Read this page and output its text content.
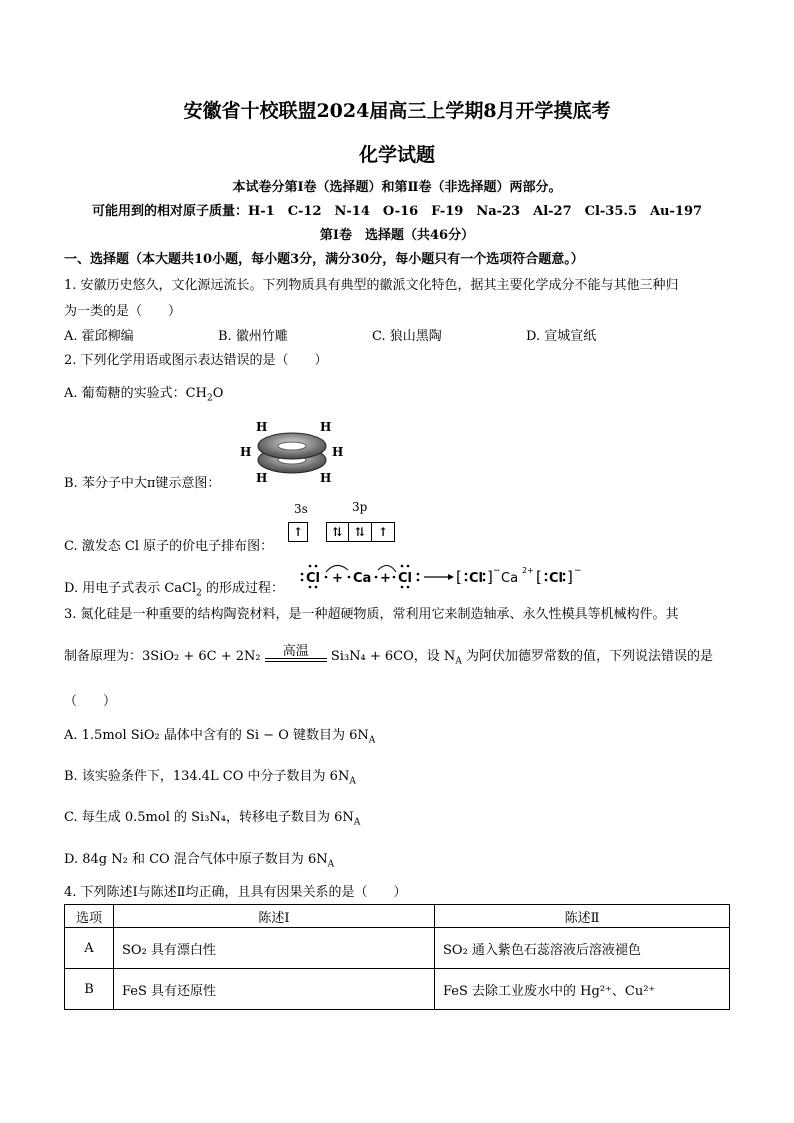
安徽省十校联盟2024届高三上学期8月开学摸底考
化学试题
本试卷分第Ⅰ卷（选择题）和第Ⅱ卷（非选择题）两部分。
可能用到的相对原子质量：H-1　C-12　N-14　O-16　F-19　Na-23　Al-27　Cl-35.5　Au-197
第Ⅰ卷　选择题（共46分）
一、选择题（本大题共10小题，每小题3分，满分30分，每小题只有一个选项符合题意。）
1. 安徽历史悠久，文化源远流长。下列物质具有典型的徽派文化特色，据其主要化学成分不能与其他三种归
为一类的是（　　）
A. 霍邱柳编	B. 徽州竹雕	C. 狼山黑陶	D. 宣城宣纸
2. 下列化学用语或图示表达错误的是（　　）
A. 葡萄糖的实验式：$CH_2O$
H	H
H	H
H	H
B. 苯分子中大π键示意图：
3s	3p
↑	⇅	⇅	↑
C. 激发态 Cl 原子的价电子排布图：
D. 用电子式表示 CaCl$_2$ 的形成过程：
Cl + Ca + Cl	[ Cl ] − Ca
2+ [ Cl ] −
3. 氮化硅是一种重要的结构陶瓷材料，是一种超硬物质，常利用它来制造轴承、永久性模具等机械构件。其
制备原理为：3SiO₂ + 6C + 2N₂	高温	Si₃N₄ + 6CO，设 $N_A$ 为阿伏加德罗常数的值，下列说法错误的是
（　　）
A. 1.5mol SiO₂ 晶体中含有的 Si − O 键数目为 $6N_A$
B. 该实验条件下，134.4L CO 中分子数目为 $6N_A$
C. 每生成 0.5mol 的 Si₃N₄，转移电子数目为 $6N_A$
D. 84g N₂ 和 CO 混合气体中原子数目为 $6N_A$
4. 下列陈述Ⅰ与陈述Ⅱ均正确，且具有因果关系的是（　　）
选项	陈述Ⅰ	陈述Ⅱ
A	SO₂ 具有漂白性	SO₂ 通入紫色石蕊溶液后溶液褪色
B	FeS 具有还原性	FeS 去除工业废水中的 Hg²⁺、Cu²⁺
